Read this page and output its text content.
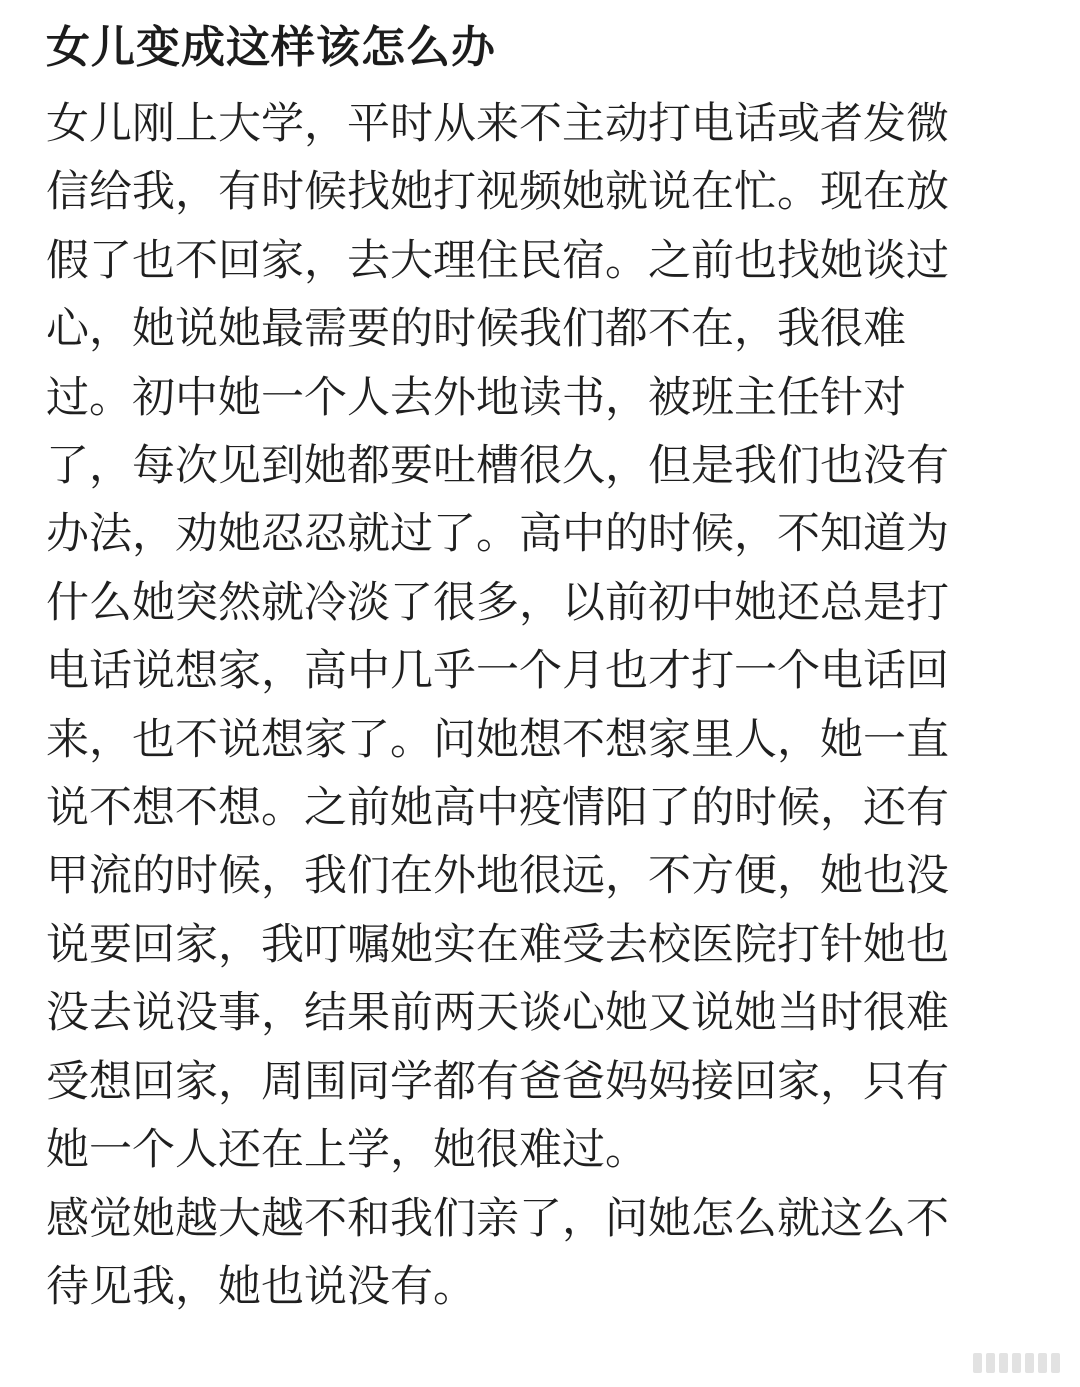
女儿变成这样该怎么办

女儿刚上大学，平时从来不主动打电话或者发微
信给我，有时候找她打视频她就说在忙。现在放
假了也不回家，去大理住民宿。之前也找她谈过
心，她说她最需要的时候我们都不在，我很难
过。初中她一个人去外地读书，被班主任针对
了，每次见到她都要吐槽很久，但是我们也没有
办法，劝她忍忍就过了。高中的时候，不知道为
什么她突然就冷淡了很多，以前初中她还总是打
电话说想家，高中几乎一个月也才打一个电话回
来，也不说想家了。问她想不想家里人，她一直
说不想不想。之前她高中疫情阳了的时候，还有
甲流的时候，我们在外地很远，不方便，她也没
说要回家，我叮嘱她实在难受去校医院打针她也
没去说没事，结果前两天谈心她又说她当时很难
受想回家，周围同学都有爸爸妈妈接回家，只有
她一个人还在上学，她很难过。

感觉她越大越不和我们亲了，问她怎么就这么不
待见我，她也说没有。
